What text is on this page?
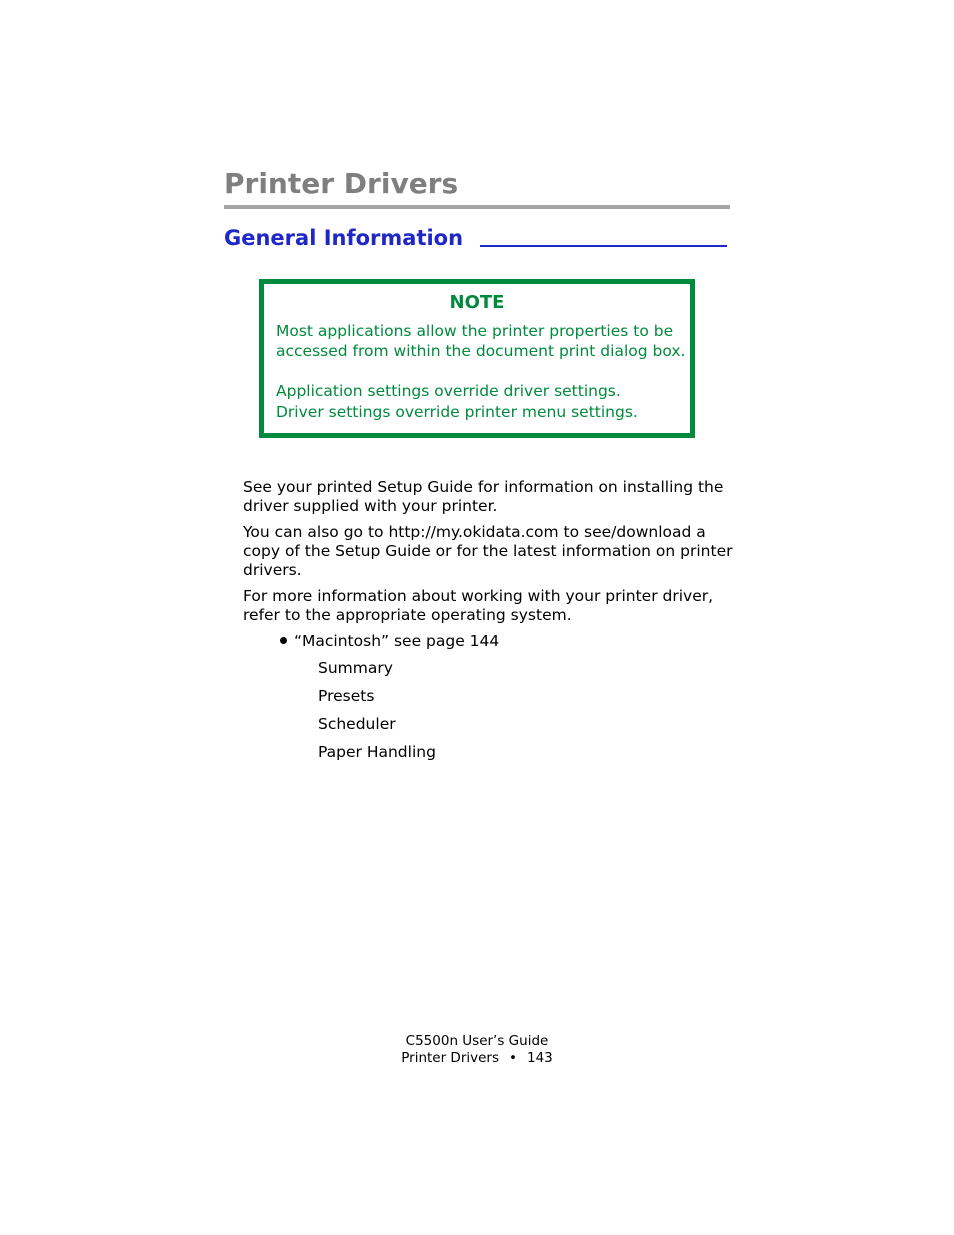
Printer Drivers
General Information
NOTE
Most applications allow the printer properties to be accessed from within the document print dialog box.
Application settings override driver settings.
Driver settings override printer menu settings.

See your printed Setup Guide for information on installing the driver supplied with your printer.

You can also go to http://my.okidata.com to see/download a copy of the Setup Guide or for the latest information on printer drivers.

For more information about working with your printer driver, refer to the appropriate operating system.

“Macintosh” see page 144
Summary
Presets
Scheduler
Paper Handling
C5500n User’s Guide
Printer Drivers • 143
